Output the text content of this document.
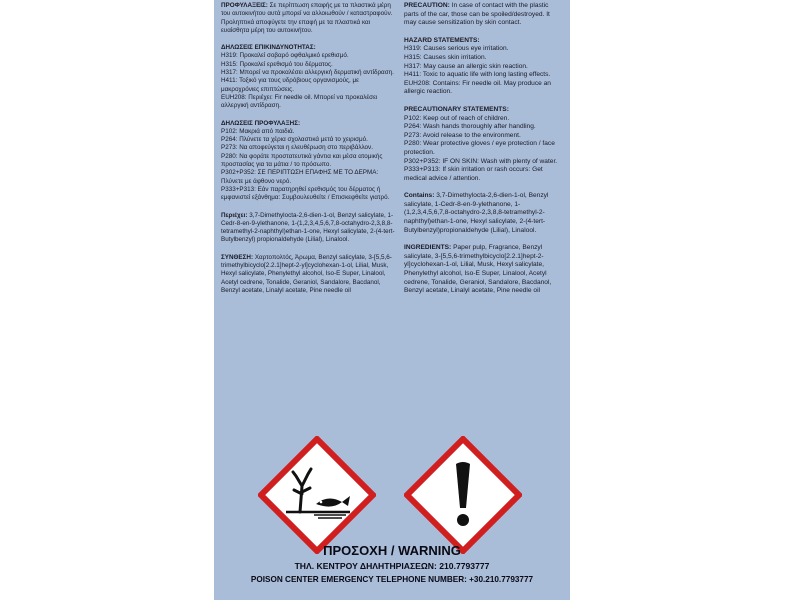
ΠΡΟΦΥΛΑΞΕΙΣ: Σε περίπτωση επαφής με τα πλαστικά μέρη του αυτοκινήτου αυτά μπορεί να αλλοιωθούν / καταστραφούν. Προληπτικά αποφύγετε την επαφή με τα πλαστικά και ευαίσθητα μέρη του αυτοκινήτου.

ΔΗΛΩΣΕΙΣ ΕΠΙΚΙΝΔΥΝΟΤΗΤΑΣ:

H319: Προκαλεί σοβαρό οφθαλμικό ερεθισμό.

H315: Προκαλεί ερεθισμό του δέρματος.

H317: Μπορεί να προκαλέσει αλλεργική δερματική αντίδραση.

H411: Τοξικό για τους υδρόβιους οργανισμούς, με μακροχρόνιες επιπτώσεις.

EUH208: Περιέχει: Fir needle oil. Μπορεί να προκαλέσει αλλεργική αντίδραση.

ΔΗΛΩΣΕΙΣ ΠΡΟΦΥΛΑΞΗΣ:

P102: Μακριά από παιδιά.

P264: Πλύνετε τα χέρια σχολαστικά μετά το χειρισμό.

P273: Να αποφεύγεται η ελευθέρωση στο περιβάλλον.

P280: Να φοράτε προστατευτικά γάντια και μέσα ατομικής προστασίας για τα μάτια / το πρόσωπο.

P302+P352: ΣΕ ΠΕΡΙΠΤΩΣΗ ΕΠΑΦΗΣ ΜΕ ΤΟ ΔΕΡΜΑ: Πλύνετε με άφθονο νερό.

P333+P313: Εάν παρατηρηθεί ερεθισμός του δέρματος ή εμφανιστεί εξάνθημα: Συμβουλευθείτε / Επισκεφθείτε γιατρό.

Περιέχει: 3,7-Dimethylocta-2,6-dien-1-ol, Benzyl salicylate, 1-Cedr-8-en-9-ylethanone, 1-(1,2,3,4,5,6,7,8-octahydro-2,3,8,8-tetramethyl-2-naphthyl)ethan-1-one, Hexyl salicylate, 2-(4-tert-Butylbenzyl) propionaldehyde (Lilial), Linalool.

ΣΥΝΘΕΣΗ: Χαρτοπολτός, Άρωμα, Benzyl salicylate, 3-[5,5,6-trimethylbicyclo[2.2.1]hept-2-yl]cyclohexan-1-ol, Lilial, Musk, Hexyl salicylate, Phenylethyl alcohol, Iso-E Super, Linalool, Acetyl cedrene, Tonalide, Geraniol, Sandalore, Bacdanol, Benzyl acetate, Linalyl acetate, Pine needle oil

PRECAUTION: In case of contact with the plastic parts of the car, those can be spoiled/destroyed. It may cause sensitization by skin contact.

HAZARD STATEMENTS:

H319: Causes serious eye irritation.

H315: Causes skin irritation.

H317: May cause an allergic skin reaction.

H411: Toxic to aquatic life with long lasting effects.

EUH208: Contains: Fir needle oil. May produce an allergic reaction.

PRECAUTIONARY STATEMENTS:

P102: Keep out of reach of children.

P264: Wash hands thoroughly after handling.

P273: Avoid release to the environment.

P280: Wear protective gloves / eye protection / face protection.

P302+P352: IF ON SKIN: Wash with plenty of water.

P333+P313: If skin irritation or rash occurs: Get medical advice / attention.

Contains: 3,7-Dimethylocta-2,6-dien-1-ol, Benzyl salicylate, 1-Cedr-8-en-9-ylethanone, 1-(1,2,3,4,5,6,7,8-octahydro-2,3,8,8-tetramethyl-2-naphthyl)ethan-1-one, Hexyl salicylate, 2-(4-tert-Butylbenzyl)propionaldehyde (Lilial), Linalool.

INGREDIENTS: Paper pulp, Fragrance, Benzyl salicylate, 3-[5,5,6-trimethylbicyclo[2.2.1]hept-2-yl]cyclohexan-1-ol, Lilial, Musk, Hexyl salicylate, Phenylethyl alcohol, Iso-E Super, Linalool, Acetyl cedrene, Tonalide, Geraniol, Sandalore, Bacdanol, Benzyl acetate, Linalyl acetate, Pine needle oil

ΠΡΟΣΟΧΗ / WARNING
ΤΗΛ. ΚΕΝΤΡΟΥ ΔΗΛΗΤΗΡΙΑΣΕΩΝ: 210.7793777
POISON CENTER EMERGENCY TELEPHONE NUMBER: +30.210.7793777
